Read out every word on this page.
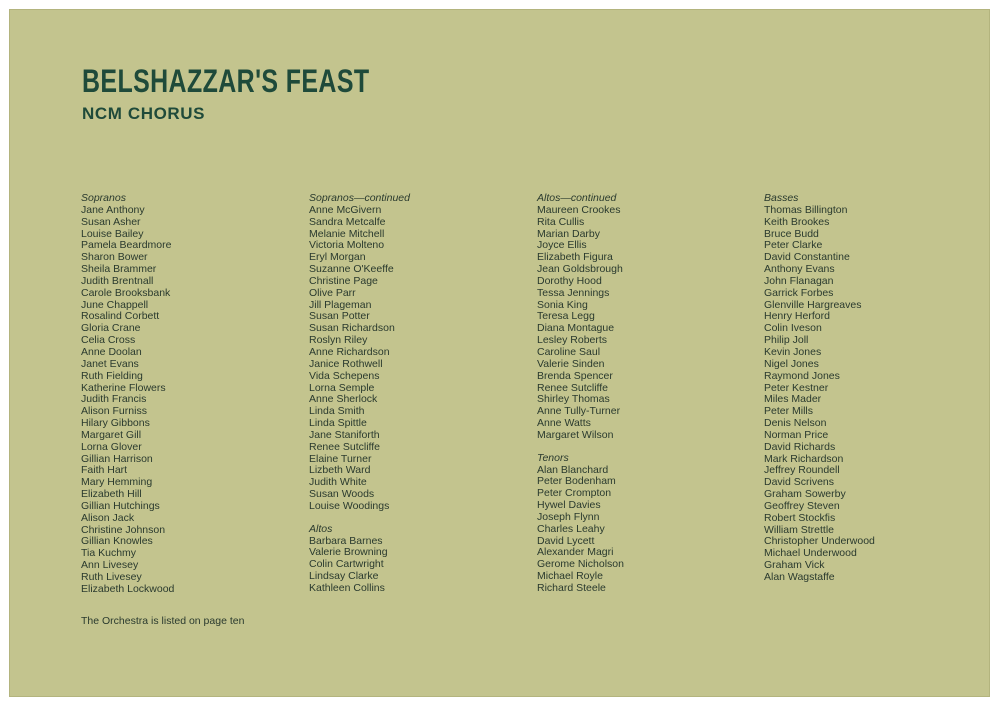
BELSHAZZAR'S FEAST
NCM CHORUS
Sopranos
Jane Anthony
Susan Asher
Louise Bailey
Pamela Beardmore
Sharon Bower
Sheila Brammer
Judith Brentnall
Carole Brooksbank
June Chappell
Rosalind Corbett
Gloria Crane
Celia Cross
Anne Doolan
Janet Evans
Ruth Fielding
Katherine Flowers
Judith Francis
Alison Furniss
Hilary Gibbons
Margaret Gill
Lorna Glover
Gillian Harrison
Faith Hart
Mary Hemming
Elizabeth Hill
Gillian Hutchings
Alison Jack
Christine Johnson
Gillian Knowles
Tia Kuchmy
Ann Livesey
Ruth Livesey
Elizabeth Lockwood
Sopranos—continued
Anne McGivern
Sandra Metcalfe
Melanie Mitchell
Victoria Molteno
Eryl Morgan
Suzanne O'Keeffe
Christine Page
Olive Parr
Jill Plageman
Susan Potter
Susan Richardson
Roslyn Riley
Anne Richardson
Janice Rothwell
Vida Schepens
Lorna Semple
Anne Sherlock
Linda Smith
Linda Spittle
Jane Staniforth
Renee Sutcliffe
Elaine Turner
Lizbeth Ward
Judith White
Susan Woods
Louise Woodings
Altos
Barbara Barnes
Valerie Browning
Colin Cartwright
Lindsay Clarke
Kathleen Collins
Altos—continued
Maureen Crookes
Rita Cullis
Marian Darby
Joyce Ellis
Elizabeth Figura
Jean Goldsbrough
Dorothy Hood
Tessa Jennings
Sonia King
Teresa Legg
Diana Montague
Lesley Roberts
Caroline Saul
Valerie Sinden
Brenda Spencer
Renee Sutcliffe
Shirley Thomas
Anne Tully-Turner
Anne Watts
Margaret Wilson
Tenors
Alan Blanchard
Peter Bodenham
Peter Crompton
Hywel Davies
Joseph Flynn
Charles Leahy
David Lycett
Alexander Magri
Gerome Nicholson
Michael Royle
Richard Steele
Basses
Thomas Billington
Keith Brookes
Bruce Budd
Peter Clarke
David Constantine
Anthony Evans
John Flanagan
Garrick Forbes
Glenville Hargreaves
Henry Herford
Colin Iveson
Philip Joll
Kevin Jones
Nigel Jones
Raymond Jones
Peter Kestner
Miles Mader
Peter Mills
Denis Nelson
Norman Price
David Richards
Mark Richardson
Jeffrey Roundell
David Scrivens
Graham Sowerby
Geoffrey Steven
Robert Stockfis
William Strettle
Christopher Underwood
Michael Underwood
Graham Vick
Alan Wagstaffe

The Orchestra is listed on page ten
